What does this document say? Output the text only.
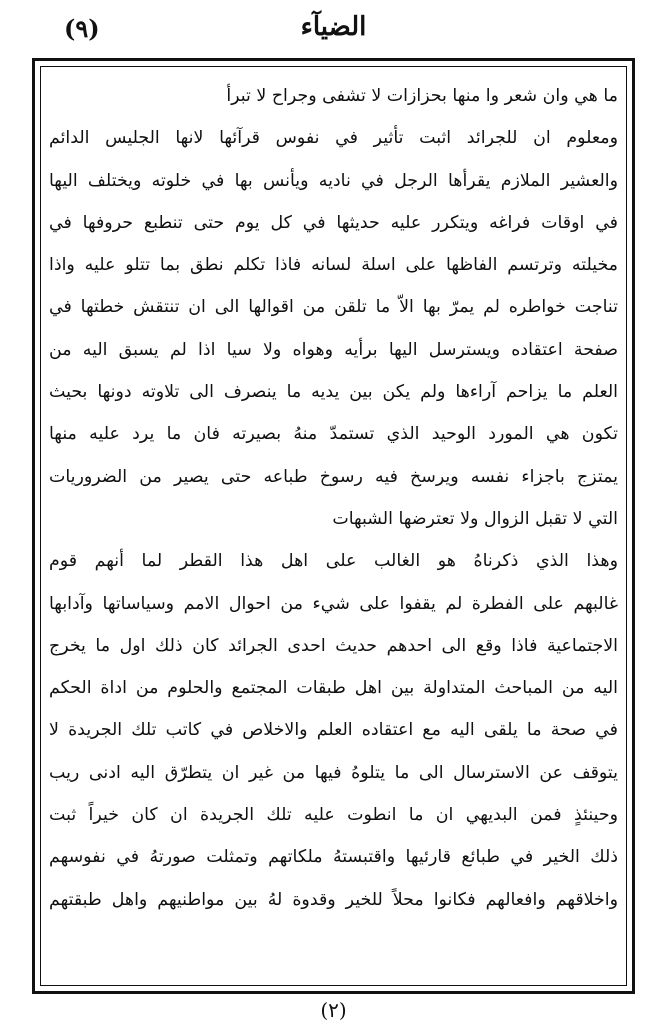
الضيآء
(٩)
ما هي وان شعر وا منها بحزازات لا تشفى وجراح لا تبرأ
ومعلوم ان للجرائد اثبت تأثير في نفوس قرآئها لانها الجليس الدائم
والعشير الملازم يقرأها الرجل في ناديه ويأنس بها في خلوته ويختلف اليها
في اوقات فراغه ويتكرر عليه حديثها في كل يوم حتى تنطبع حروفها في
مخيلته وترتسم الفاظها على اسلة لسانه فاذا تكلم نطق بما تتلو عليه واذا
تناجت خواطره لم يمرّ بها الاّ ما تلقن من اقوالها الى ان تنتقش خطتها في
صفحة اعتقاده ويسترسل اليها برأيه وهواه ولا سيا اذا لم يسبق اليه من
العلم ما يزاحم آراءها ولم يكن بين يديه ما ينصرف الى تلاوته دونها بحيث
تكون هي المورد الوحيد الذي تستمدّ منهُ بصيرته فان ما يرد عليه منها
يمتزج باجزاء نفسه ويرسخ فيه رسوخ طباعه حتى يصير من الضروريات
التي لا تقبل الزوال ولا تعترضها الشبهات
وهذا الذي ذكرناهُ هو الغالب على اهل هذا القطر لما أنهم قوم
غالبهم على الفطرة لم يقفوا على شيء من احوال الامم وسياساتها وآدابها
الاجتماعية فاذا وقع الى احدهم حديث احدى الجرائد كان ذلك اول ما يخرج
اليه من المباحث المتداولة بين اهل طبقات المجتمع والحلوم من اداة الحكم
في صحة ما يلقى اليه مع اعتقاده العلم والاخلاص في كاتب تلك الجريدة لا
يتوقف عن الاسترسال الى ما يتلوهُ فيها من غير ان يتطرّق اليه ادنى ريب
وحينئذٍ فمن البديهي ان ما انطوت عليه تلك الجريدة ان كان خيراً ثبت
ذلك الخير في طبائع قارئيها واقتبستهُ ملكاتهم وتمثلت صورتهُ في نفوسهم
واخلاقهم وافعالهم فكانوا محلاً للخير وقدوة لهُ بين مواطنيهم واهل طبقتهم
(٢)
